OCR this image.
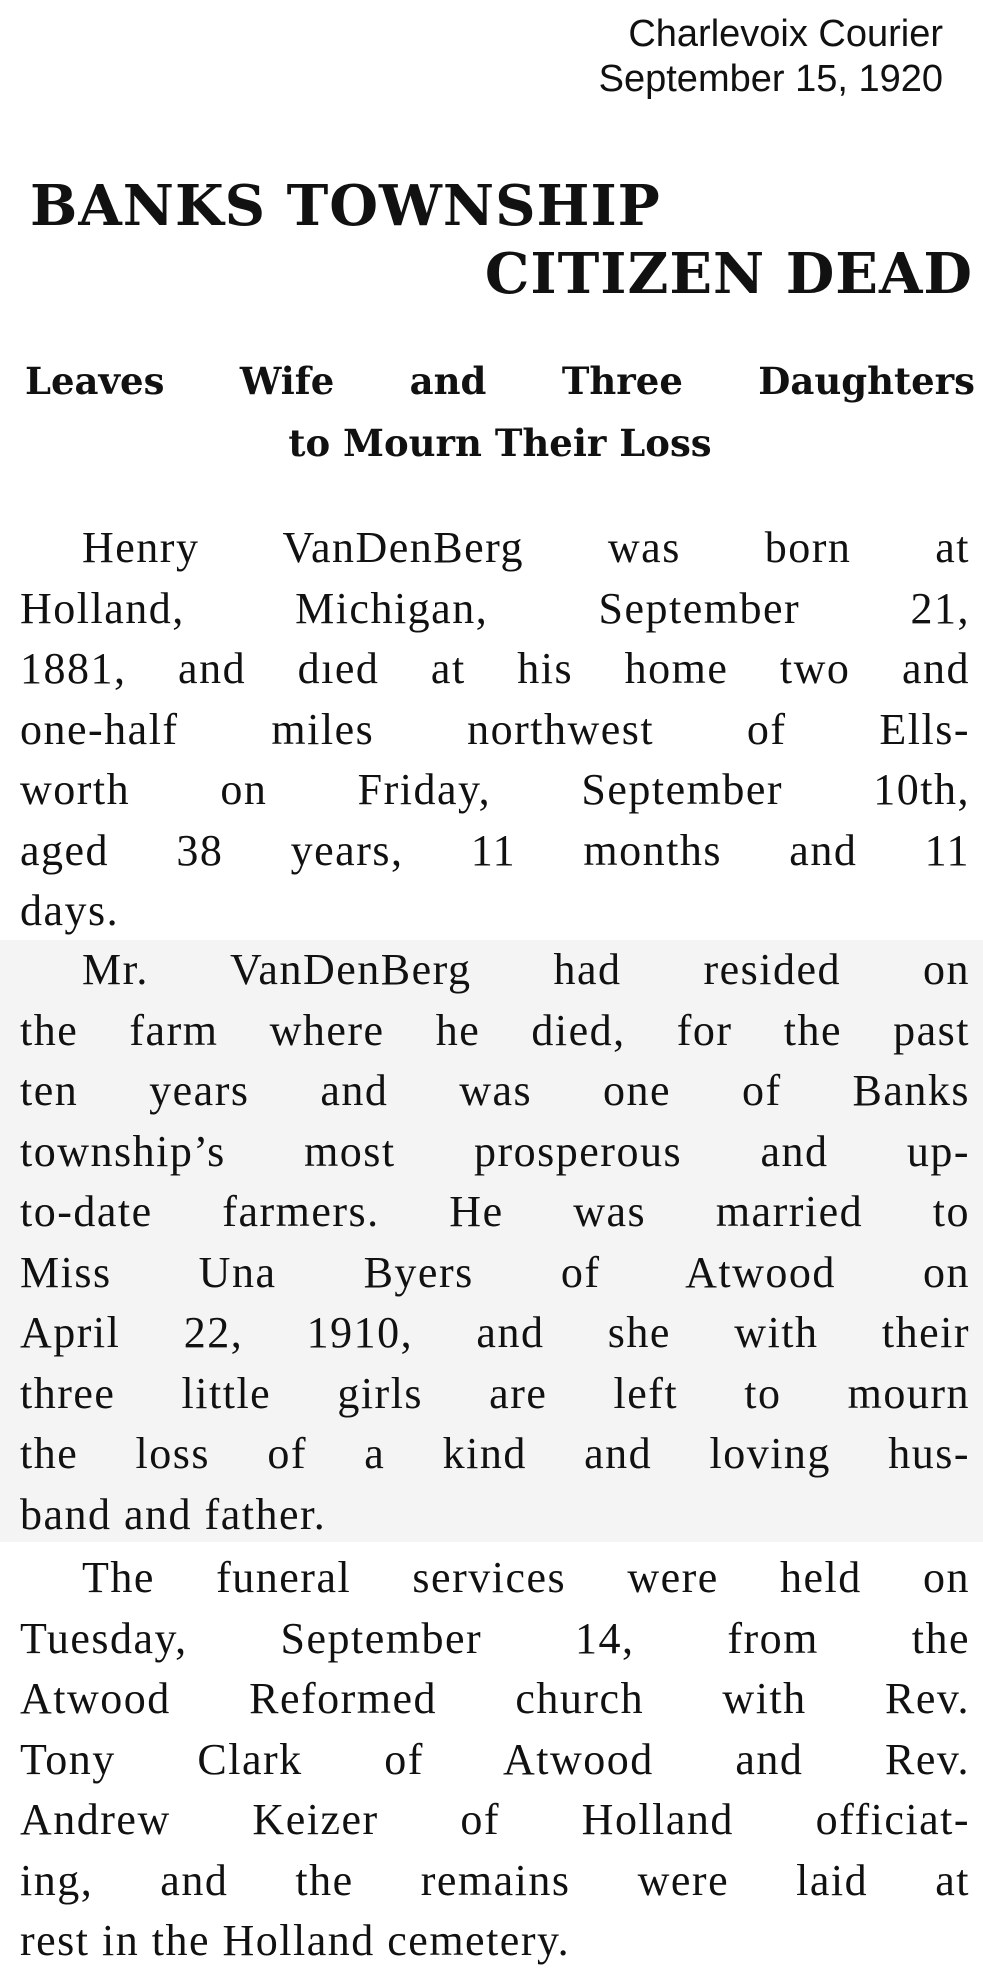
Charlevoix Courier
September 15, 1920
BANKS TOWNSHIP
CITIZEN DEAD
Leaves Wife and Three Daughters
to Mourn Their Loss
Henry VanDenBerg was born at
Holland, Michigan, September 21,
1881, and dıed at his home two and
one-half miles northwest of Ells-
worth on Friday, September 10th,
aged 38 years, 11 months and 11
days.
Mr. VanDenBerg had resided on
the farm where he died, for the past
ten years and was one of Banks
township’s most prosperous and up-
to-date farmers. He was married to
Miss Una Byers of Atwood on
April 22, 1910, and she with their
three little girls are left to mourn
the loss of a kind and loving hus-
band and father.
The funeral services were held on
Tuesday, September 14, from the
Atwood Reformed church with Rev.
Tony Clark of Atwood and Rev.
Andrew Keizer of Holland officiat-
ing, and the remains were laid at
rest in the Holland cemetery.
